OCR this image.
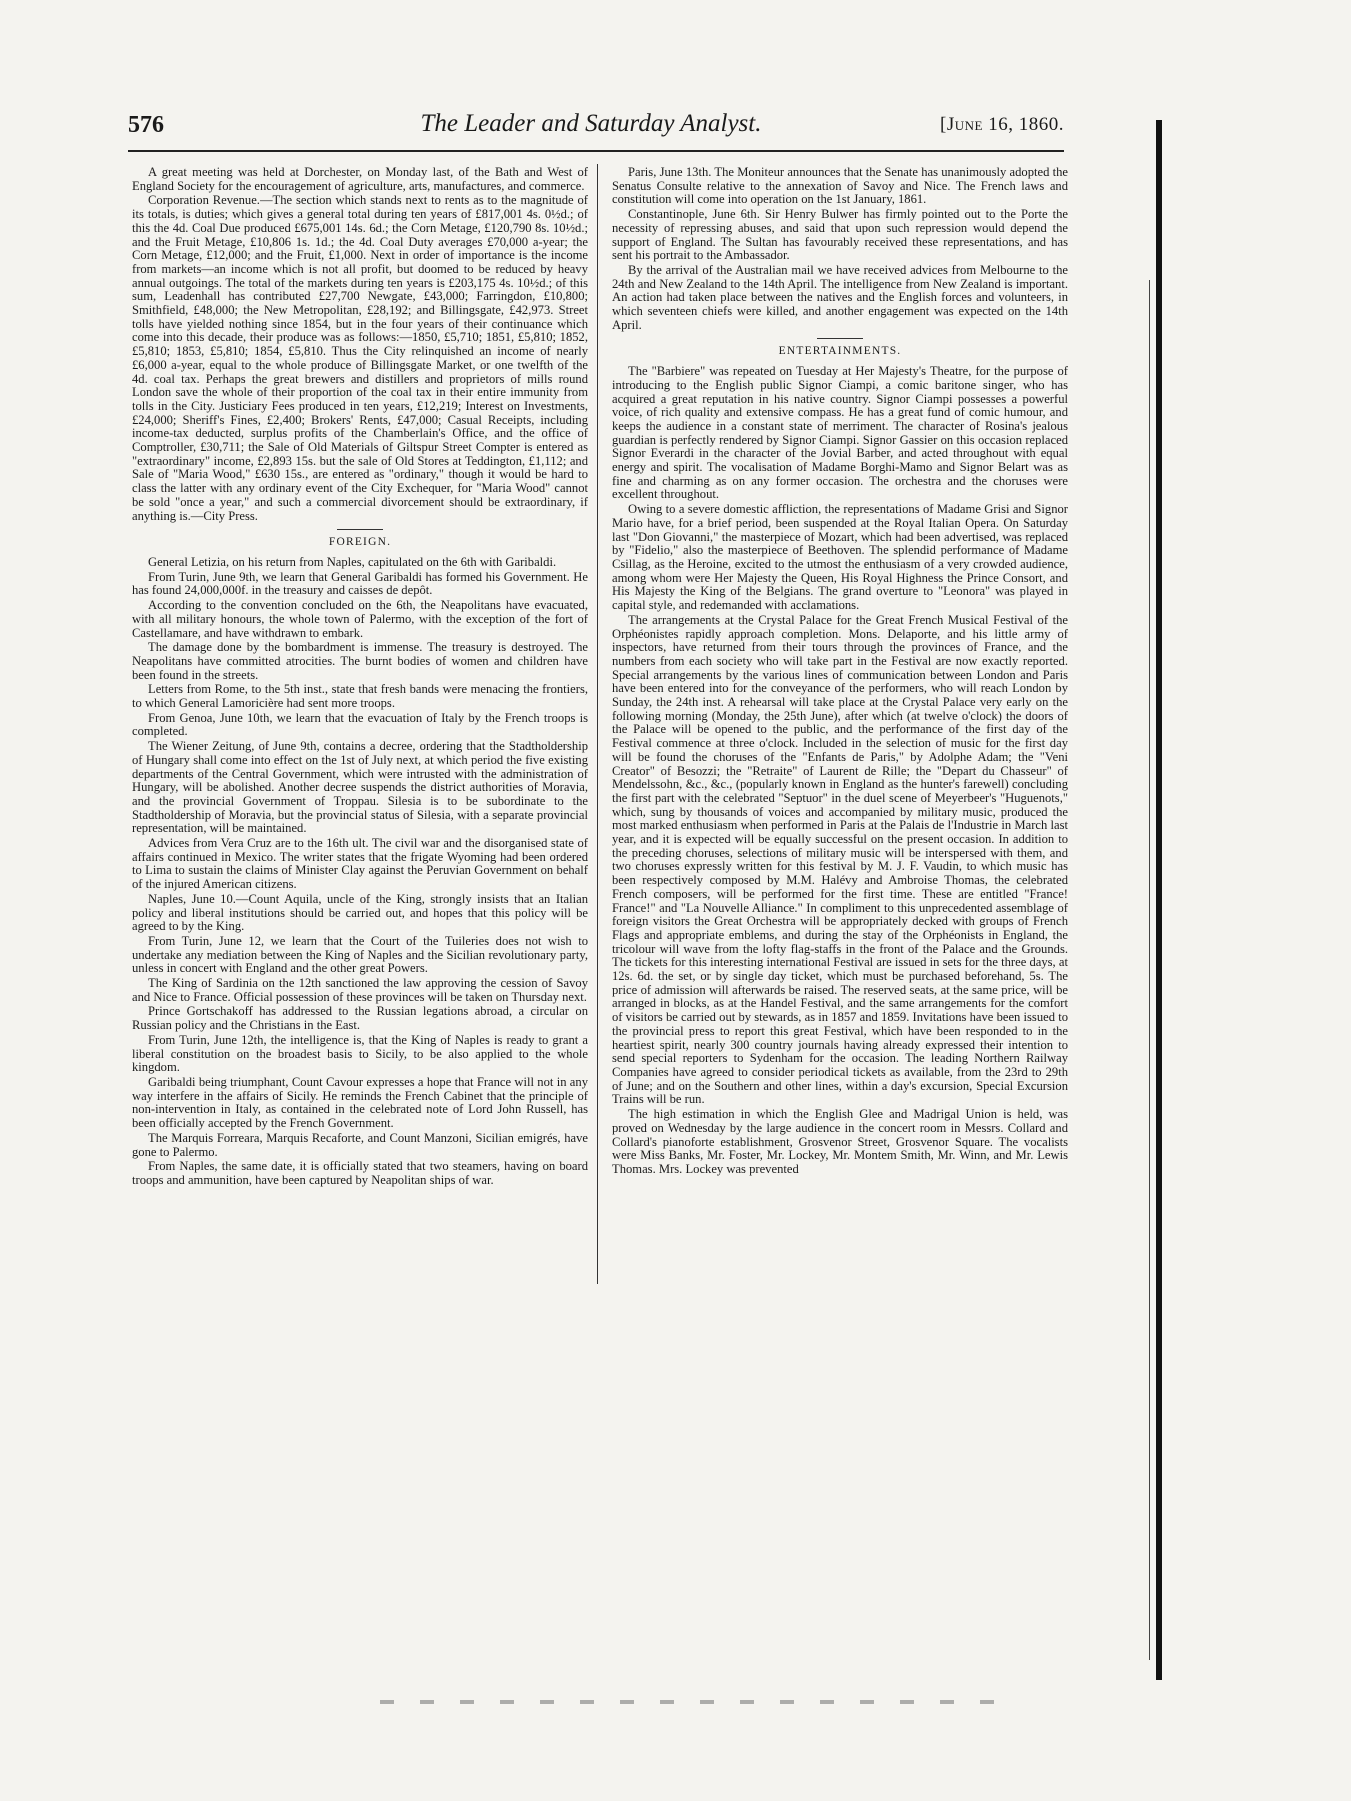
576	The Leader and Saturday Analyst.	[June 16, 1860.

A great meeting was held at Dorchester, on Monday last, of the Bath and West of England Society for the encouragement of agriculture, arts, manufactures, and commerce.

Corporation Revenue.—The section which stands next to rents as to the magnitude of its totals, is duties; which gives a general total during ten years of £817,001 4s. 0½d.; of this the 4d. Coal Due produced £675,001 14s. 6d.; the Corn Metage, £120,790 8s. 10½d.; and the Fruit Metage, £10,806 1s. 1d.; the 4d. Coal Duty averages £70,000 a-year; the Corn Metage, £12,000; and the Fruit, £1,000. Next in order of importance is the income from markets—an income which is not all profit, but doomed to be reduced by heavy annual outgoings. The total of the markets during ten years is £203,175 4s. 10½d.; of this sum, Leadenhall has contributed £27,700 Newgate, £43,000; Farringdon, £10,800; Smithfield, £48,000; the New Metropolitan, £28,192; and Billingsgate, £42,973. Street tolls have yielded nothing since 1854, but in the four years of their continuance which come into this decade, their produce was as follows:—1850, £5,710; 1851, £5,810; 1852, £5,810; 1853, £5,810; 1854, £5,810. Thus the City relinquished an income of nearly £6,000 a-year, equal to the whole produce of Billingsgate Market, or one twelfth of the 4d. coal tax. Perhaps the great brewers and distillers and proprietors of mills round London save the whole of their proportion of the coal tax in their entire immunity from tolls in the City. Justiciary Fees produced in ten years, £12,219; Interest on Investments, £24,000; Sheriff's Fines, £2,400; Brokers' Rents, £47,000; Casual Receipts, including income-tax deducted, surplus profits of the Chamberlain's Office, and the office of Comptroller, £30,711; the Sale of Old Materials of Giltspur Street Compter is entered as "extraordinary" income, £2,893 15s. but the sale of Old Stores at Teddington, £1,112; and Sale of "Maria Wood," £630 15s., are entered as "ordinary," though it would be hard to class the latter with any ordinary event of the City Exchequer, for "Maria Wood" cannot be sold "once a year," and such a commercial divorcement should be extraordinary, if anything is.—City Press.

FOREIGN.

General Letizia, on his return from Naples, capitulated on the 6th with Garibaldi.

From Turin, June 9th, we learn that General Garibaldi has formed his Government. He has found 24,000,000f. in the treasury and caisses de depôt.

According to the convention concluded on the 6th, the Neapolitans have evacuated, with all military honours, the whole town of Palermo, with the exception of the fort of Castellamare, and have withdrawn to embark.

The damage done by the bombardment is immense. The treasury is destroyed. The Neapolitans have committed atrocities. The burnt bodies of women and children have been found in the streets.

Letters from Rome, to the 5th inst., state that fresh bands were menacing the frontiers, to which General Lamoricière had sent more troops.

From Genoa, June 10th, we learn that the evacuation of Italy by the French troops is completed.

The Wiener Zeitung, of June 9th, contains a decree, ordering that the Stadtholdership of Hungary shall come into effect on the 1st of July next, at which period the five existing departments of the Central Government, which were intrusted with the administration of Hungary, will be abolished. Another decree suspends the district authorities of Moravia, and the provincial Government of Troppau. Silesia is to be subordinate to the Stadtholdership of Moravia, but the provincial status of Silesia, with a separate provincial representation, will be maintained.

Advices from Vera Cruz are to the 16th ult. The civil war and the disorganised state of affairs continued in Mexico. The writer states that the frigate Wyoming had been ordered to Lima to sustain the claims of Minister Clay against the Peruvian Government on behalf of the injured American citizens.

Naples, June 10.—Count Aquila, uncle of the King, strongly insists that an Italian policy and liberal institutions should be carried out, and hopes that this policy will be agreed to by the King.

From Turin, June 12, we learn that the Court of the Tuileries does not wish to undertake any mediation between the King of Naples and the Sicilian revolutionary party, unless in concert with England and the other great Powers.

The King of Sardinia on the 12th sanctioned the law approving the cession of Savoy and Nice to France. Official possession of these provinces will be taken on Thursday next.

Prince Gortschakoff has addressed to the Russian legations abroad, a circular on Russian policy and the Christians in the East.

From Turin, June 12th, the intelligence is, that the King of Naples is ready to grant a liberal constitution on the broadest basis to Sicily, to be also applied to the whole kingdom.

Garibaldi being triumphant, Count Cavour expresses a hope that France will not in any way interfere in the affairs of Sicily. He reminds the French Cabinet that the principle of non-intervention in Italy, as contained in the celebrated note of Lord John Russell, has been officially accepted by the French Government.

The Marquis Forreara, Marquis Recaforte, and Count Manzoni, Sicilian emigrés, have gone to Palermo.

From Naples, the same date, it is officially stated that two steamers, having on board troops and ammunition, have been captured by Neapolitan ships of war.

Paris, June 13th. The Moniteur announces that the Senate has unanimously adopted the Senatus Consulte relative to the annexation of Savoy and Nice. The French laws and constitution will come into operation on the 1st January, 1861.

Constantinople, June 6th. Sir Henry Bulwer has firmly pointed out to the Porte the necessity of repressing abuses, and said that upon such repression would depend the support of England. The Sultan has favourably received these representations, and has sent his portrait to the Ambassador.

By the arrival of the Australian mail we have received advices from Melbourne to the 24th and New Zealand to the 14th April. The intelligence from New Zealand is important. An action had taken place between the natives and the English forces and volunteers, in which seventeen chiefs were killed, and another engagement was expected on the 14th April.

ENTERTAINMENTS.

The "Barbiere" was repeated on Tuesday at Her Majesty's Theatre, for the purpose of introducing to the English public Signor Ciampi, a comic baritone singer, who has acquired a great reputation in his native country. Signor Ciampi possesses a powerful voice, of rich quality and extensive compass. He has a great fund of comic humour, and keeps the audience in a constant state of merriment. The character of Rosina's jealous guardian is perfectly rendered by Signor Ciampi. Signor Gassier on this occasion replaced Signor Everardi in the character of the Jovial Barber, and acted throughout with equal energy and spirit. The vocalisation of Madame Borghi-Mamo and Signor Belart was as fine and charming as on any former occasion. The orchestra and the choruses were excellent throughout.

Owing to a severe domestic affliction, the representations of Madame Grisi and Signor Mario have, for a brief period, been suspended at the Royal Italian Opera. On Saturday last "Don Giovanni," the masterpiece of Mozart, which had been advertised, was replaced by "Fidelio," also the masterpiece of Beethoven. The splendid performance of Madame Csillag, as the Heroine, excited to the utmost the enthusiasm of a very crowded audience, among whom were Her Majesty the Queen, His Royal Highness the Prince Consort, and His Majesty the King of the Belgians. The grand overture to "Leonora" was played in capital style, and redemanded with acclamations.

The arrangements at the Crystal Palace for the Great French Musical Festival of the Orphéonistes rapidly approach completion. Mons. Delaporte, and his little army of inspectors, have returned from their tours through the provinces of France, and the numbers from each society who will take part in the Festival are now exactly reported. Special arrangements by the various lines of communication between London and Paris have been entered into for the conveyance of the performers, who will reach London by Sunday, the 24th inst. A rehearsal will take place at the Crystal Palace very early on the following morning (Monday, the 25th June), after which (at twelve o'clock) the doors of the Palace will be opened to the public, and the performance of the first day of the Festival commence at three o'clock. Included in the selection of music for the first day will be found the choruses of the "Enfants de Paris," by Adolphe Adam; the "Veni Creator" of Besozzi; the "Retraite" of Laurent de Rille; the "Depart du Chasseur" of Mendelssohn, &c., &c., (popularly known in England as the hunter's farewell) concluding the first part with the celebrated "Septuor" in the duel scene of Meyerbeer's "Huguenots," which, sung by thousands of voices and accompanied by military music, produced the most marked enthusiasm when performed in Paris at the Palais de l'Industrie in March last year, and it is expected will be equally successful on the present occasion. In addition to the preceding choruses, selections of military music will be interspersed with them, and two choruses expressly written for this festival by M. J. F. Vaudin, to which music has been respectively composed by M.M. Halévy and Ambroise Thomas, the celebrated French composers, will be performed for the first time. These are entitled "France! France!" and "La Nouvelle Alliance." In compliment to this unprecedented assemblage of foreign visitors the Great Orchestra will be appropriately decked with groups of French Flags and appropriate emblems, and during the stay of the Orphéonists in England, the tricolour will wave from the lofty flag-staffs in the front of the Palace and the Grounds. The tickets for this interesting international Festival are issued in sets for the three days, at 12s. 6d. the set, or by single day ticket, which must be purchased beforehand, 5s. The price of admission will afterwards be raised. The reserved seats, at the same price, will be arranged in blocks, as at the Handel Festival, and the same arrangements for the comfort of visitors be carried out by stewards, as in 1857 and 1859. Invitations have been issued to the provincial press to report this great Festival, which have been responded to in the heartiest spirit, nearly 300 country journals having already expressed their intention to send special reporters to Sydenham for the occasion. The leading Northern Railway Companies have agreed to consider periodical tickets as available, from the 23rd to 29th of June; and on the Southern and other lines, within a day's excursion, Special Excursion Trains will be run.

The high estimation in which the English Glee and Madrigal Union is held, was proved on Wednesday by the large audience in the concert room in Messrs. Collard and Collard's pianoforte establishment, Grosvenor Street, Grosvenor Square. The vocalists were Miss Banks, Mr. Foster, Mr. Lockey, Mr. Montem Smith, Mr. Winn, and Mr. Lewis Thomas. Mrs. Lockey was prevented
